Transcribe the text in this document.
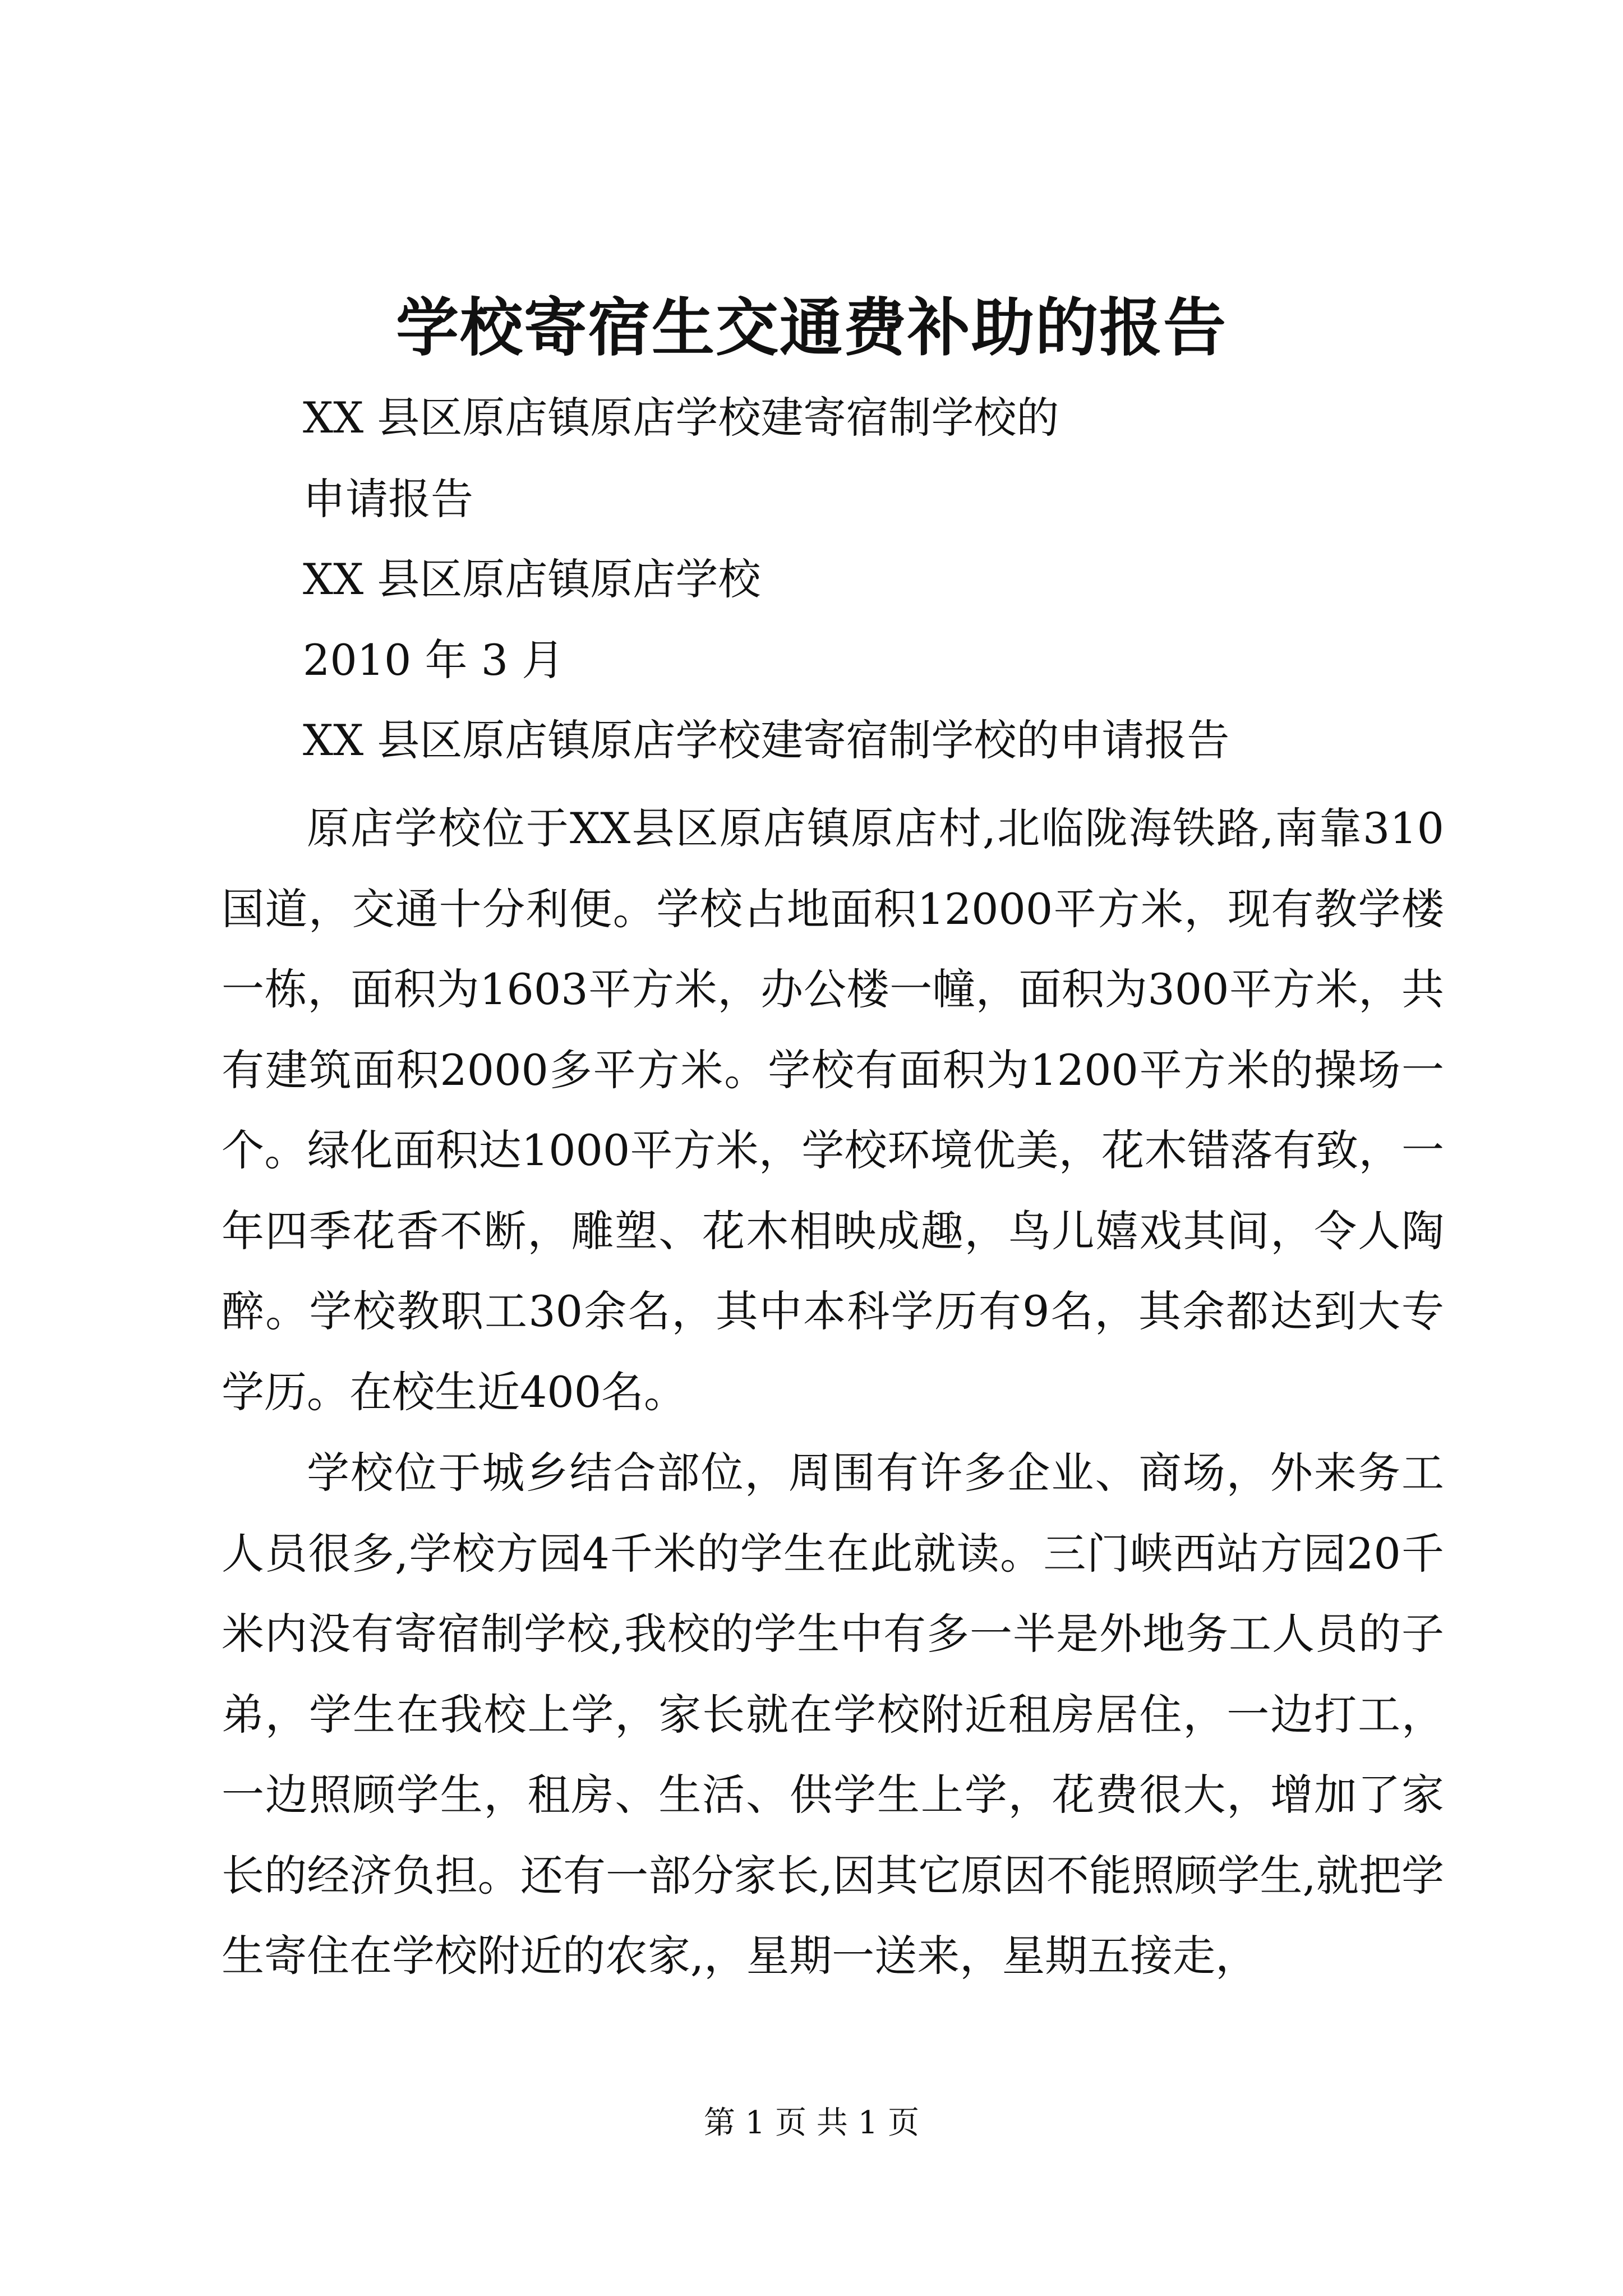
学校寄宿生交通费补助的报告
XX 县区原店镇原店学校建寄宿制学校的
申请报告
XX 县区原店镇原店学校
2010 年 3 月
XX 县区原店镇原店学校建寄宿制学校的申请报告

原店学校位于XX县区原店镇原店村,北临陇海铁路,南靠310国道，交通十分利便。学校占地面积12000平方米，现有教学楼一栋，面积为1603平方米，办公楼一幢，面积为300平方米，共有建筑面积2000多平方米。学校有面积为1200平方米的操场一个。绿化面积达1000平方米，学校环境优美，花木错落有致，一年四季花香不断，雕塑、花木相映成趣，鸟儿嬉戏其间，令人陶醉。学校教职工30余名，其中本科学历有9名，其余都达到大专学历。在校生近400名。

学校位于城乡结合部位，周围有许多企业、商场，外来务工人员很多,学校方园4千米的学生在此就读。三门峡西站方园20千米内没有寄宿制学校,我校的学生中有多一半是外地务工人员的子弟，学生在我校上学，家长就在学校附近租房居住，一边打工，一边照顾学生，租房、生活、供学生上学，花费很大，增加了家长的经济负担。还有一部分家长,因其它原因不能照顾学生,就把学生寄住在学校附近的农家,，星期一送来，星期五接走，

第 1 页 共 1 页
